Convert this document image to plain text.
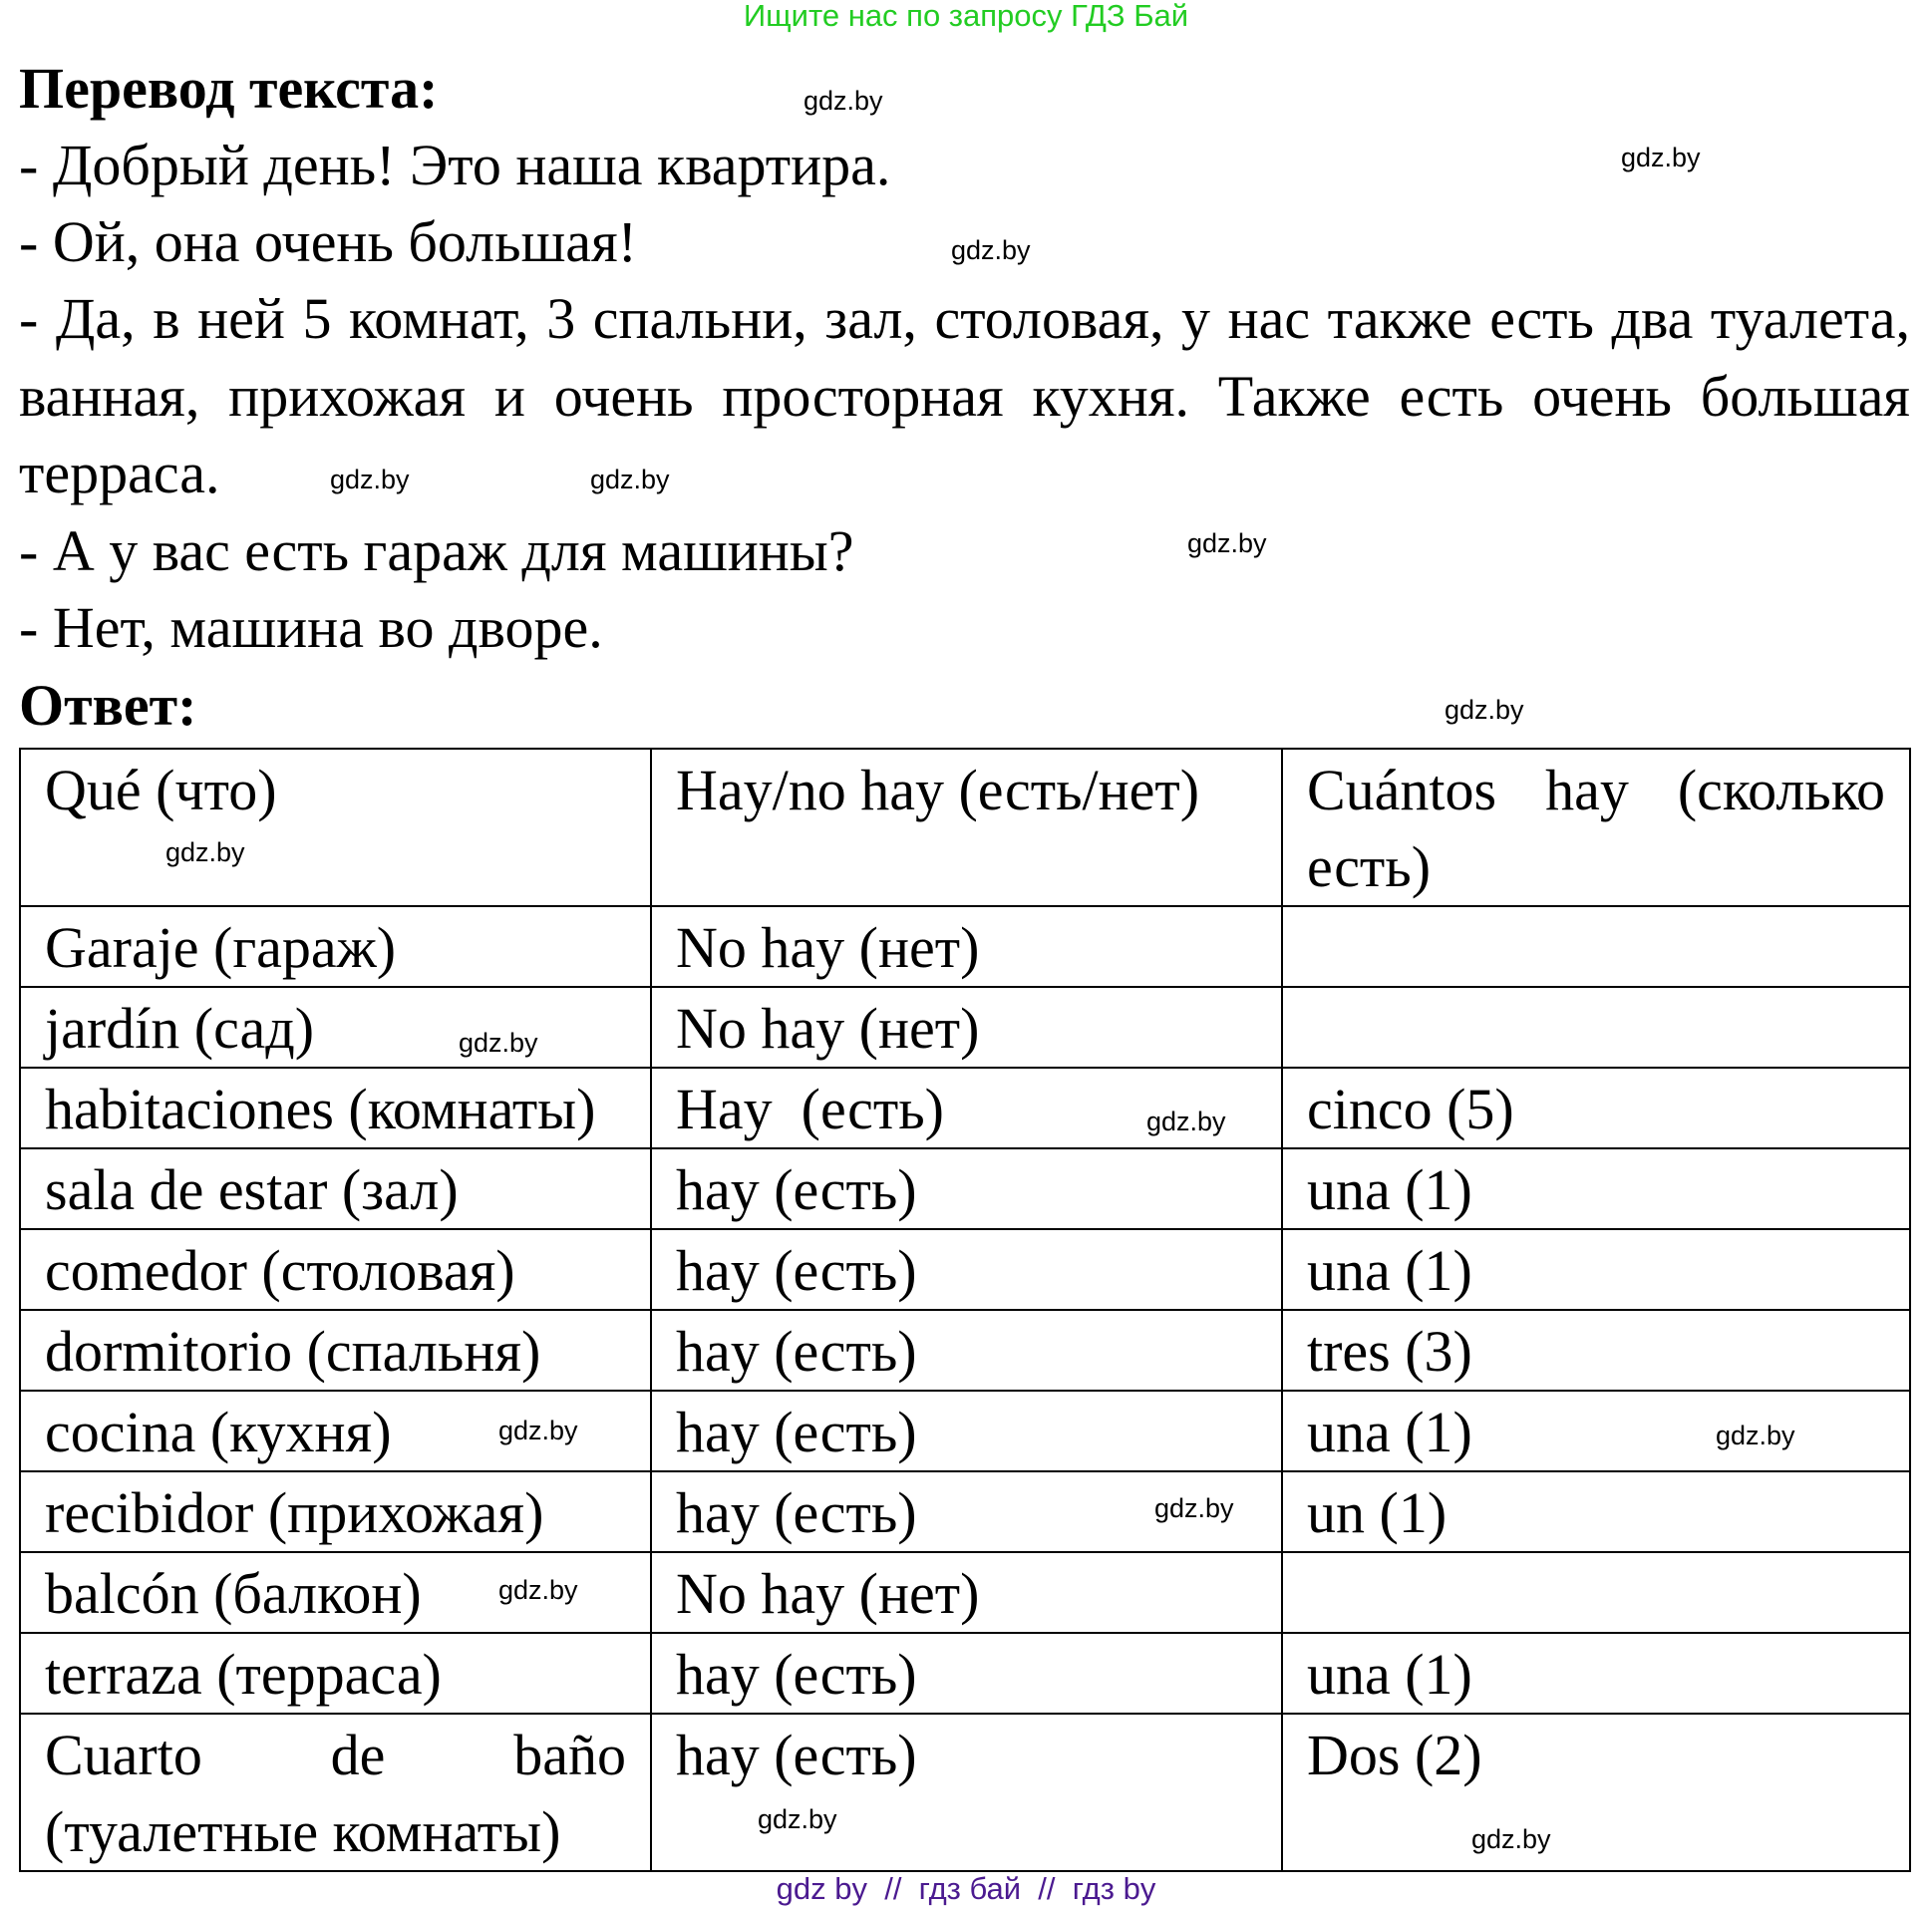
Ищите нас по запросу ГДЗ Бай
Перевод текста:
- Добрый день! Это наша квартира.
- Ой, она очень большая!
- Да, в ней 5 комнат, 3 спальни, зал, столовая, у нас также есть два туалета,
ванная, прихожая и очень просторная кухня. Также есть очень большая
терраса.
- А у вас есть гараж для машины?
- Нет, машина во дворе.
Ответ:
Qué (что)	Hay/no hay (есть/нет)	Cuántos hay (сколько есть)
Garaje (гараж)	No hay (нет)	
jardín (сад)	No hay (нет)	
habitaciones (комнаты)	Hay  (есть)	cinco (5)
sala de estar (зал)	hay (есть)	una (1)
comedor (столовая)	hay (есть)	una (1)
dormitorio (спальня)	hay (есть)	tres (3)
cocina (кухня)	hay (есть)	una (1)
recibidor (прихожая)	hay (есть)	un (1)
balcón (балкон)	No hay (нет)	
terraza (терраса)	hay (есть)	una (1)
Cuarto de baño (туалетные комнаты)	hay (есть)	Dos (2)
gdz.by
gdz.by
gdz.by
gdz.by	gdz.by
gdz.by
gdz.by
gdz.by
gdz.by
gdz.by
gdz.by	gdz.by
gdz.by
gdz.by
gdz.by
gdz.by
gdz by  //  гдз бай  //  гдз by
